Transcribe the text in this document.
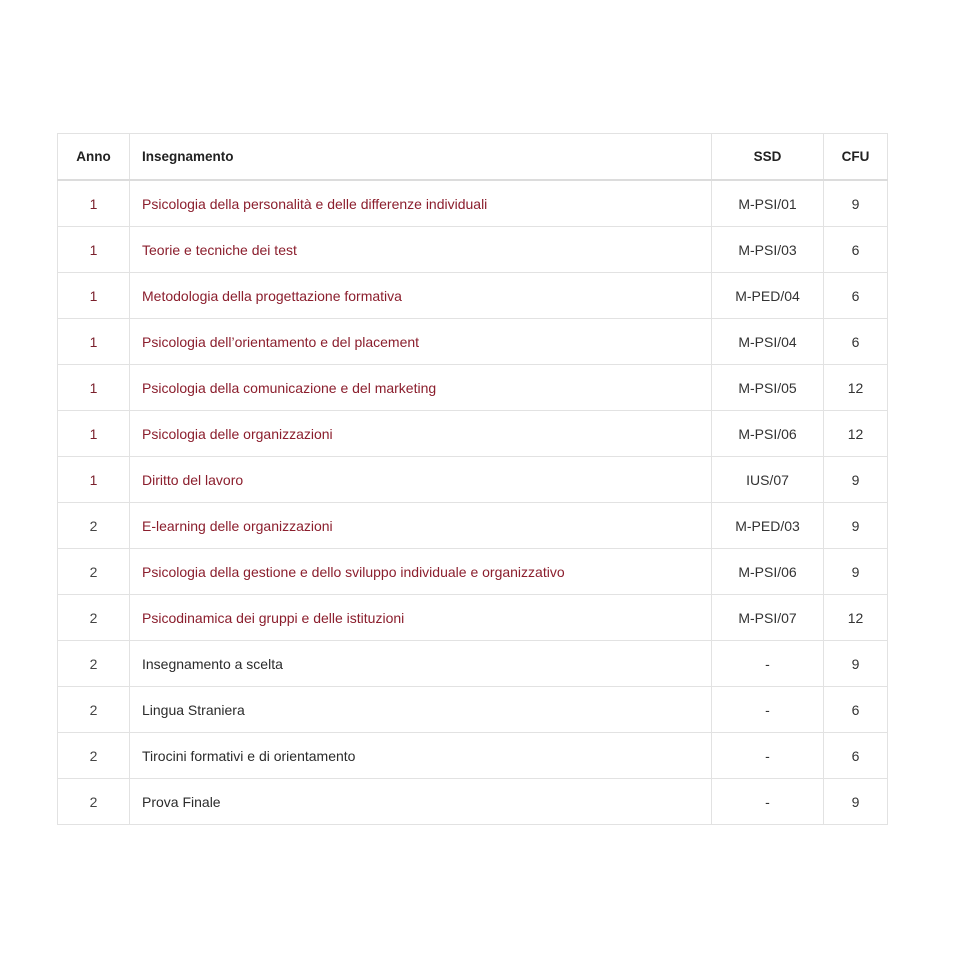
Anno	Insegnamento	SSD	CFU
1	Psicologia della personalità e delle differenze individuali	M-PSI/01	9
1	Teorie e tecniche dei test	M-PSI/03	6
1	Metodologia della progettazione formativa	M-PED/04	6
1	Psicologia dell’orientamento e del placement	M-PSI/04	6
1	Psicologia della comunicazione e del marketing	M-PSI/05	12
1	Psicologia delle organizzazioni	M-PSI/06	12
1	Diritto del lavoro	IUS/07	9
2	E-learning delle organizzazioni	M-PED/03	9
2	Psicologia della gestione e dello sviluppo individuale e organizzativo	M-PSI/06	9
2	Psicodinamica dei gruppi e delle istituzioni	M-PSI/07	12
2	Insegnamento a scelta	-	9
2	Lingua Straniera	-	6
2	Tirocini formativi e di orientamento	-	6
2	Prova Finale	-	9
